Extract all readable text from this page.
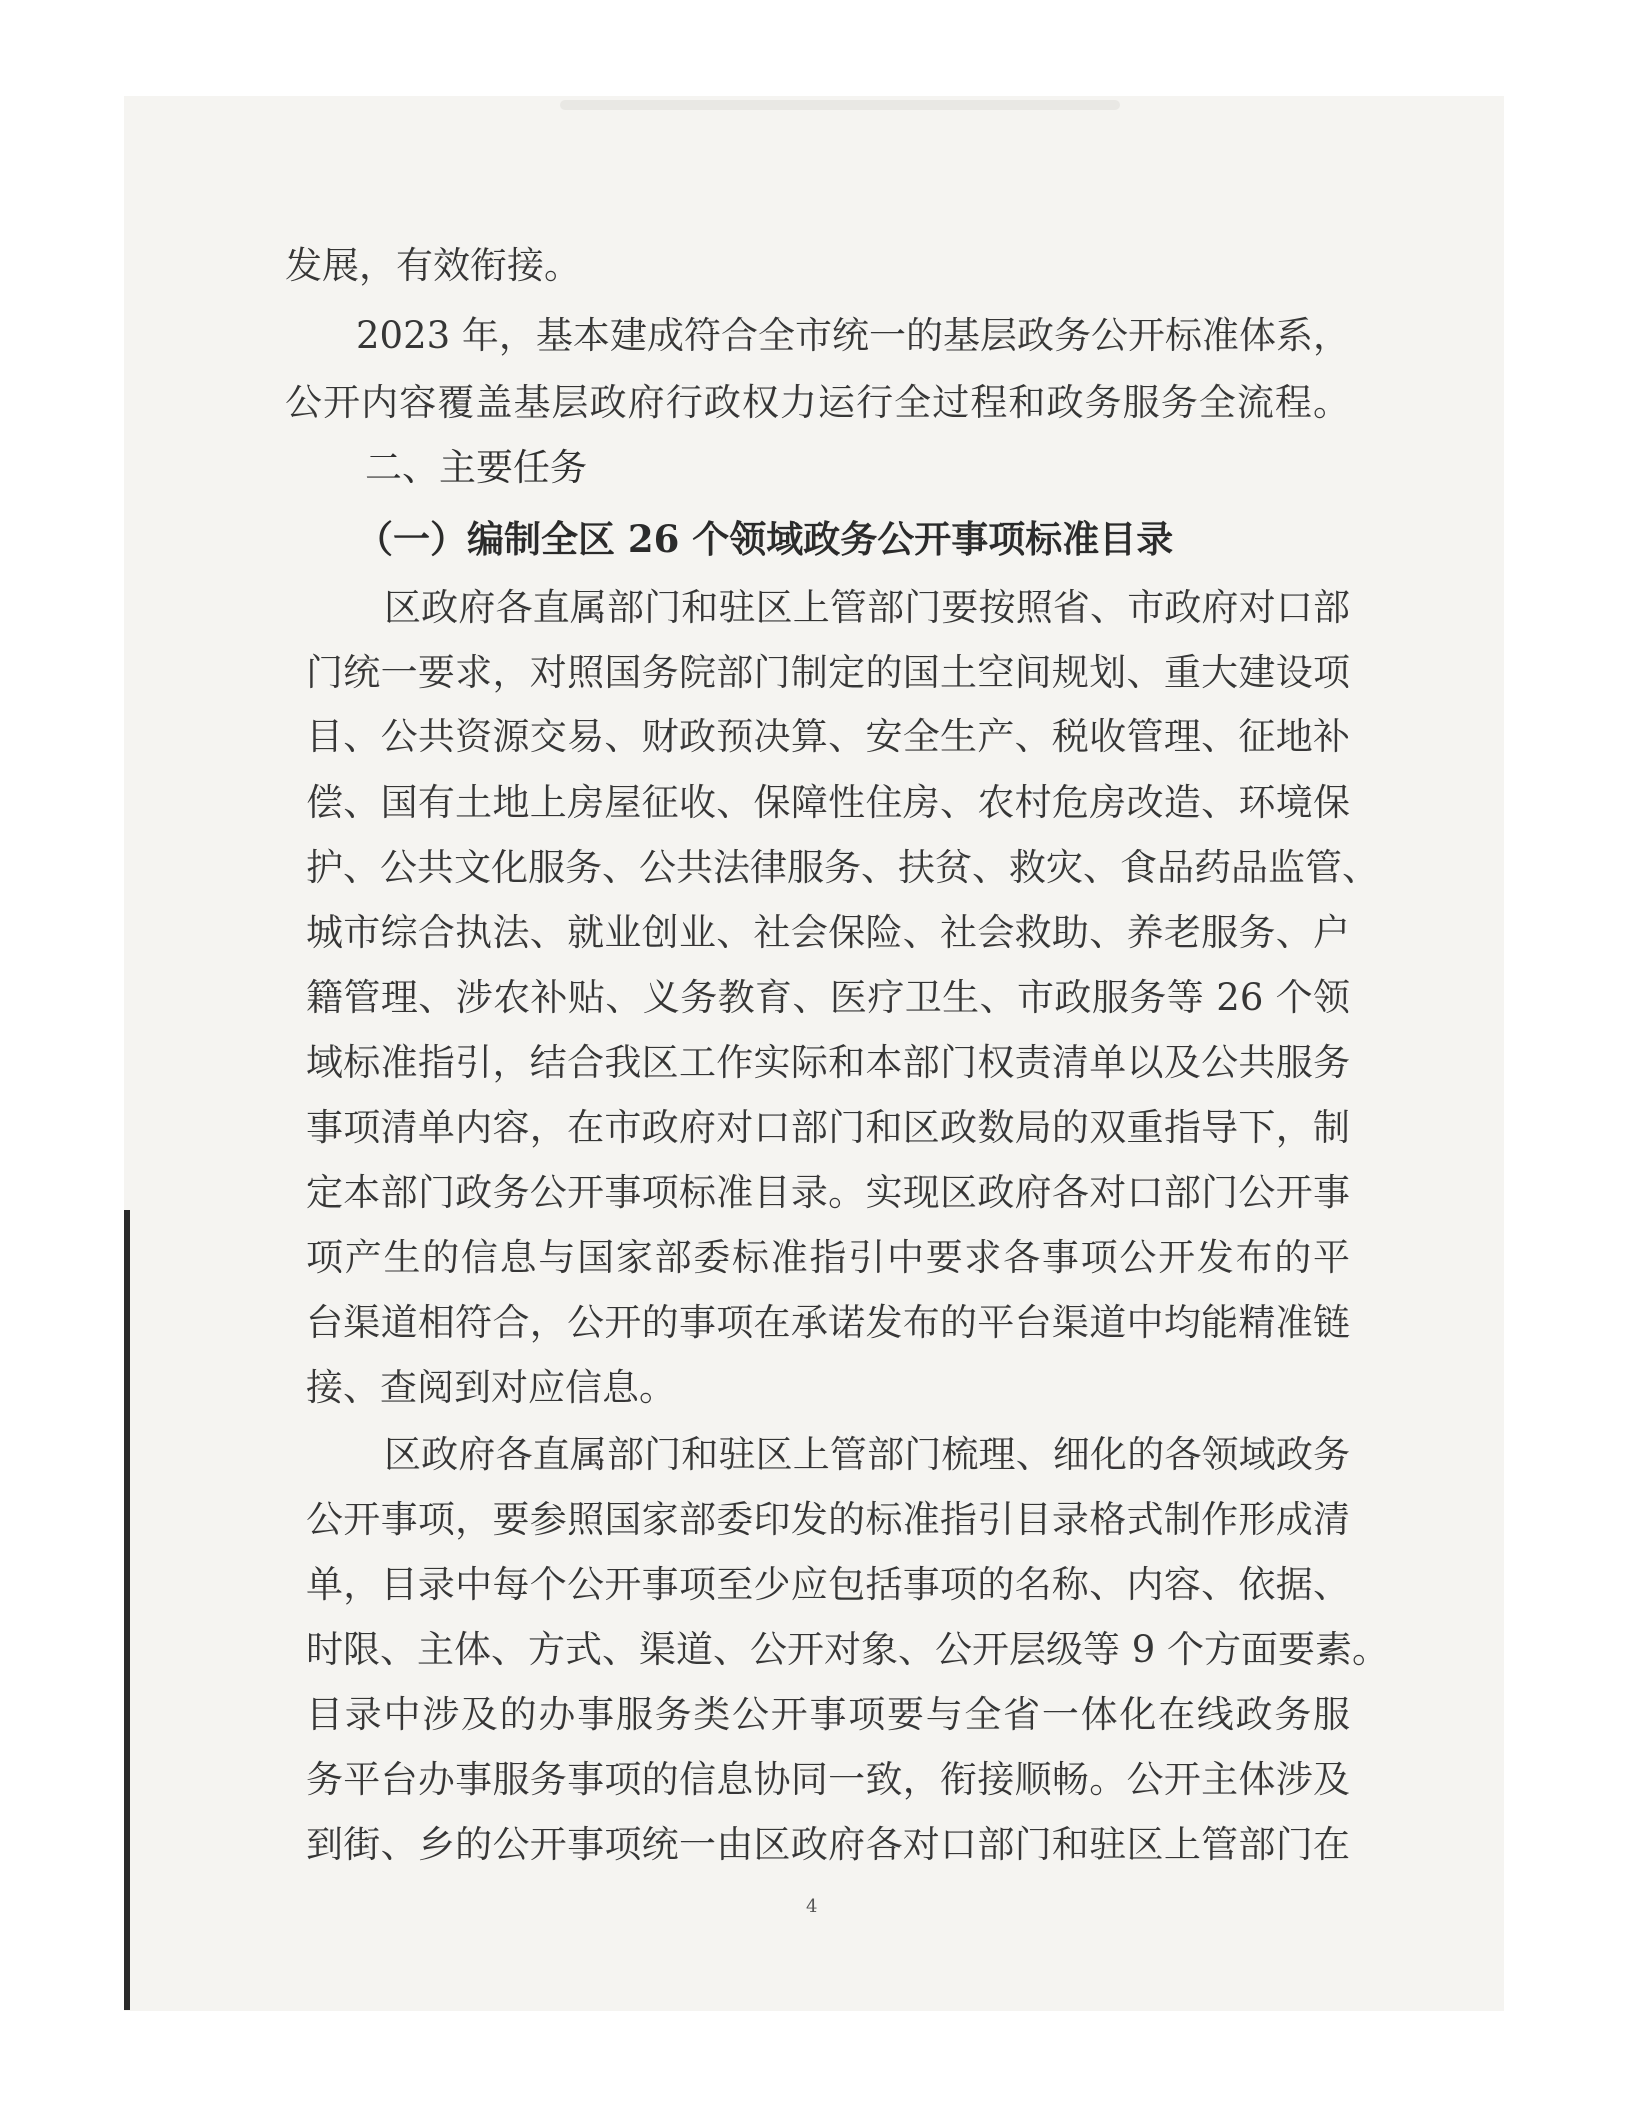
发展，有效衔接。
2023 年，基本建成符合全市统一的基层政务公开标准体系，
公开内容覆盖基层政府行政权力运行全过程和政务服务全流程。
二、主要任务
（一）编制全区 26 个领域政务公开事项标准目录
区政府各直属部门和驻区上管部门要按照省、市政府对口部
门统一要求，对照国务院部门制定的国土空间规划、重大建设项
目、公共资源交易、财政预决算、安全生产、税收管理、征地补
偿、国有土地上房屋征收、保障性住房、农村危房改造、环境保
护、公共文化服务、公共法律服务、扶贫、救灾、食品药品监管、
城市综合执法、就业创业、社会保险、社会救助、养老服务、户
籍管理、涉农补贴、义务教育、医疗卫生、市政服务等 26 个领
域标准指引，结合我区工作实际和本部门权责清单以及公共服务
事项清单内容，在市政府对口部门和区政数局的双重指导下，制
定本部门政务公开事项标准目录。实现区政府各对口部门公开事
项产生的信息与国家部委标准指引中要求各事项公开发布的平
台渠道相符合，公开的事项在承诺发布的平台渠道中均能精准链
接、查阅到对应信息。
区政府各直属部门和驻区上管部门梳理、细化的各领域政务
公开事项，要参照国家部委印发的标准指引目录格式制作形成清
单，目录中每个公开事项至少应包括事项的名称、内容、依据、
时限、主体、方式、渠道、公开对象、公开层级等 9 个方面要素。
目录中涉及的办事服务类公开事项要与全省一体化在线政务服
务平台办事服务事项的信息协同一致，衔接顺畅。公开主体涉及
到街、乡的公开事项统一由区政府各对口部门和驻区上管部门在
4
